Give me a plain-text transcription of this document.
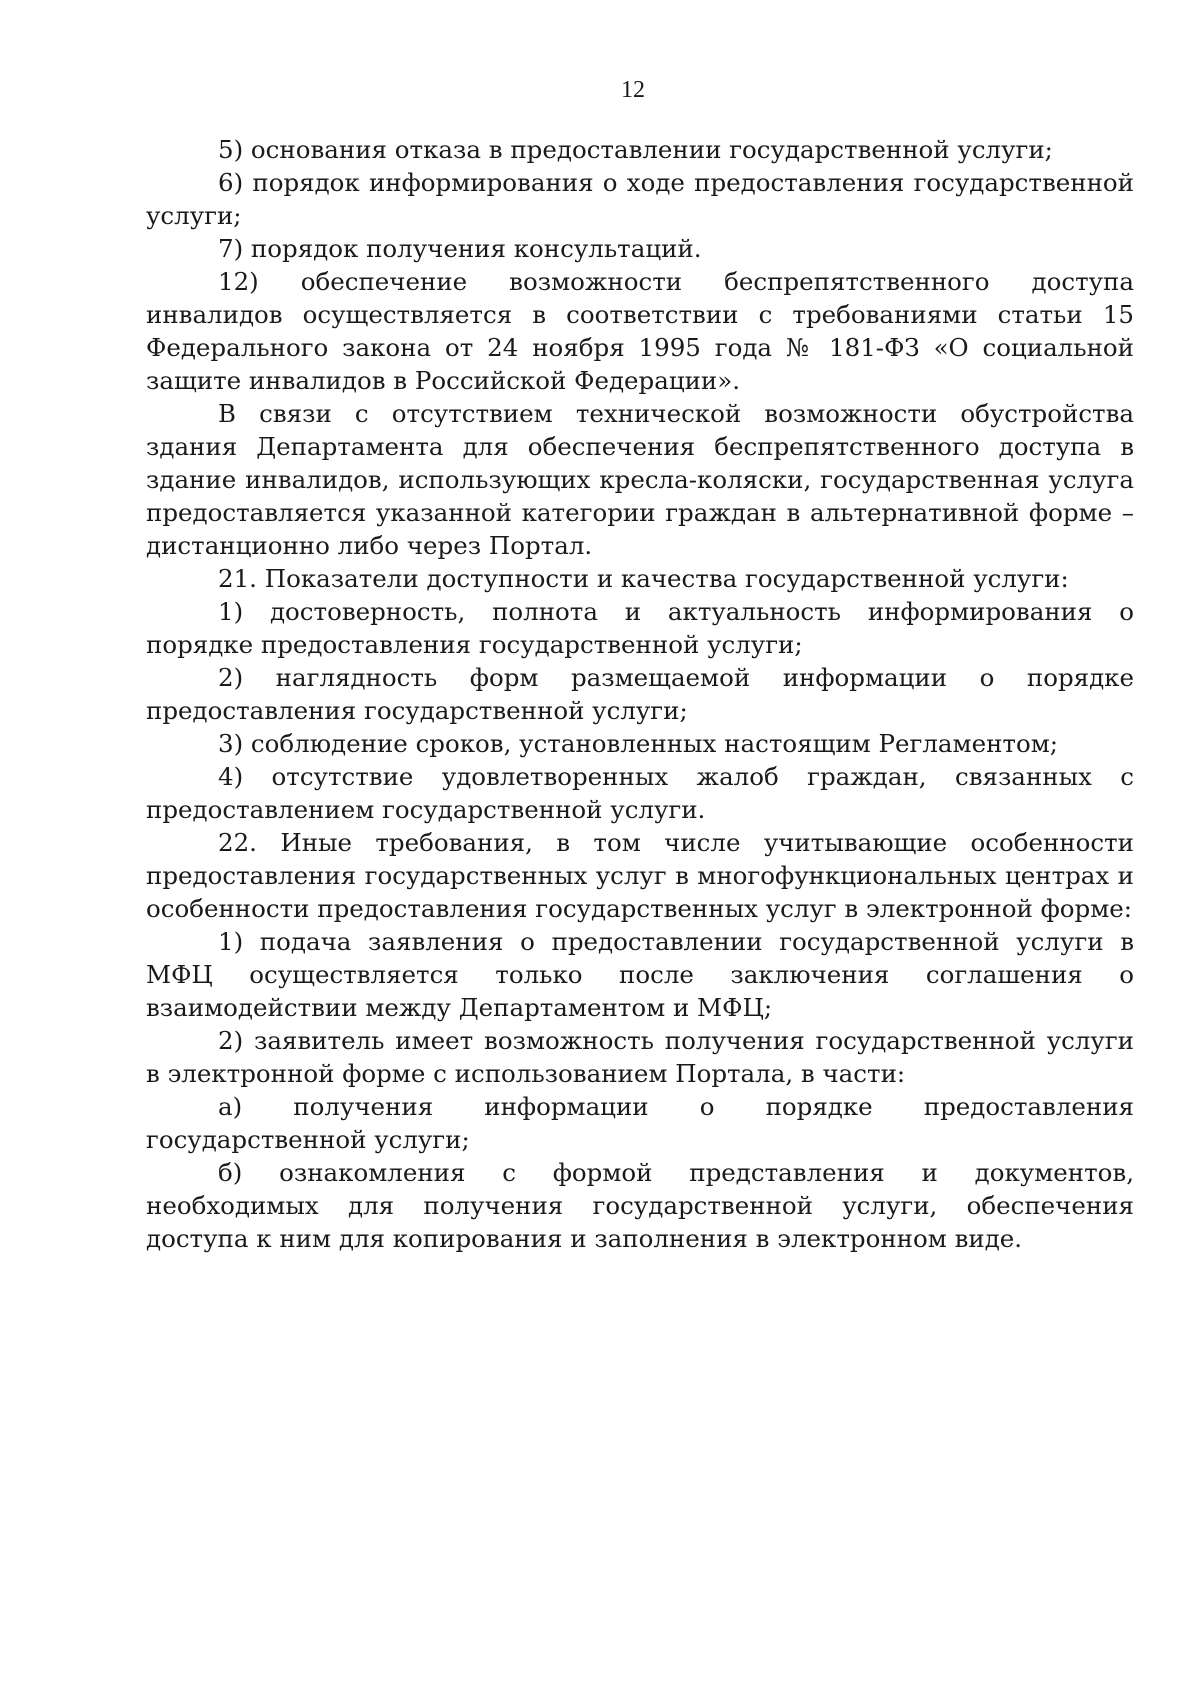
12

5) основания отказа в предоставлении государственной услуги;

6) порядок информирования о ходе предоставления государственной услуги;

7) порядок получения консультаций.

12) обеспечение возможности беспрепятственного доступа инвалидов осуществляется в соответствии с требованиями статьи 15 Федерального закона от 24 ноября 1995 года № 181-ФЗ «О социальной защите инвалидов в Российской Федерации».

В связи с отсутствием технической возможности обустройства здания Департамента для обеспечения беспрепятственного доступа в здание инвалидов, использующих кресла-коляски, государственная услуга предоставляется указанной категории граждан в альтернативной форме – дистанционно либо через Портал.

21. Показатели доступности и качества государственной услуги:

1) достоверность, полнота и актуальность информирования о порядке предоставления государственной услуги;

2) наглядность форм размещаемой информации о порядке предоставления государственной услуги;

3) соблюдение сроков, установленных настоящим Регламентом;

4) отсутствие удовлетворенных жалоб граждан, связанных с предоставлением государственной услуги.

22. Иные требования, в том числе учитывающие особенности предоставления государственных услуг в многофункциональных центрах и особенности предоставления государственных услуг в электронной форме:

1) подача заявления о предоставлении государственной услуги в МФЦ осуществляется только после заключения соглашения о взаимодействии между Департаментом и МФЦ;

2) заявитель имеет возможность получения государственной услуги в электронной форме с использованием Портала, в части:

а) получения информации о порядке предоставления государственной услуги;

б) ознакомления с формой представления и документов, необходимых для получения государственной услуги, обеспечения доступа к ним для копирования и заполнения в электронном виде.
